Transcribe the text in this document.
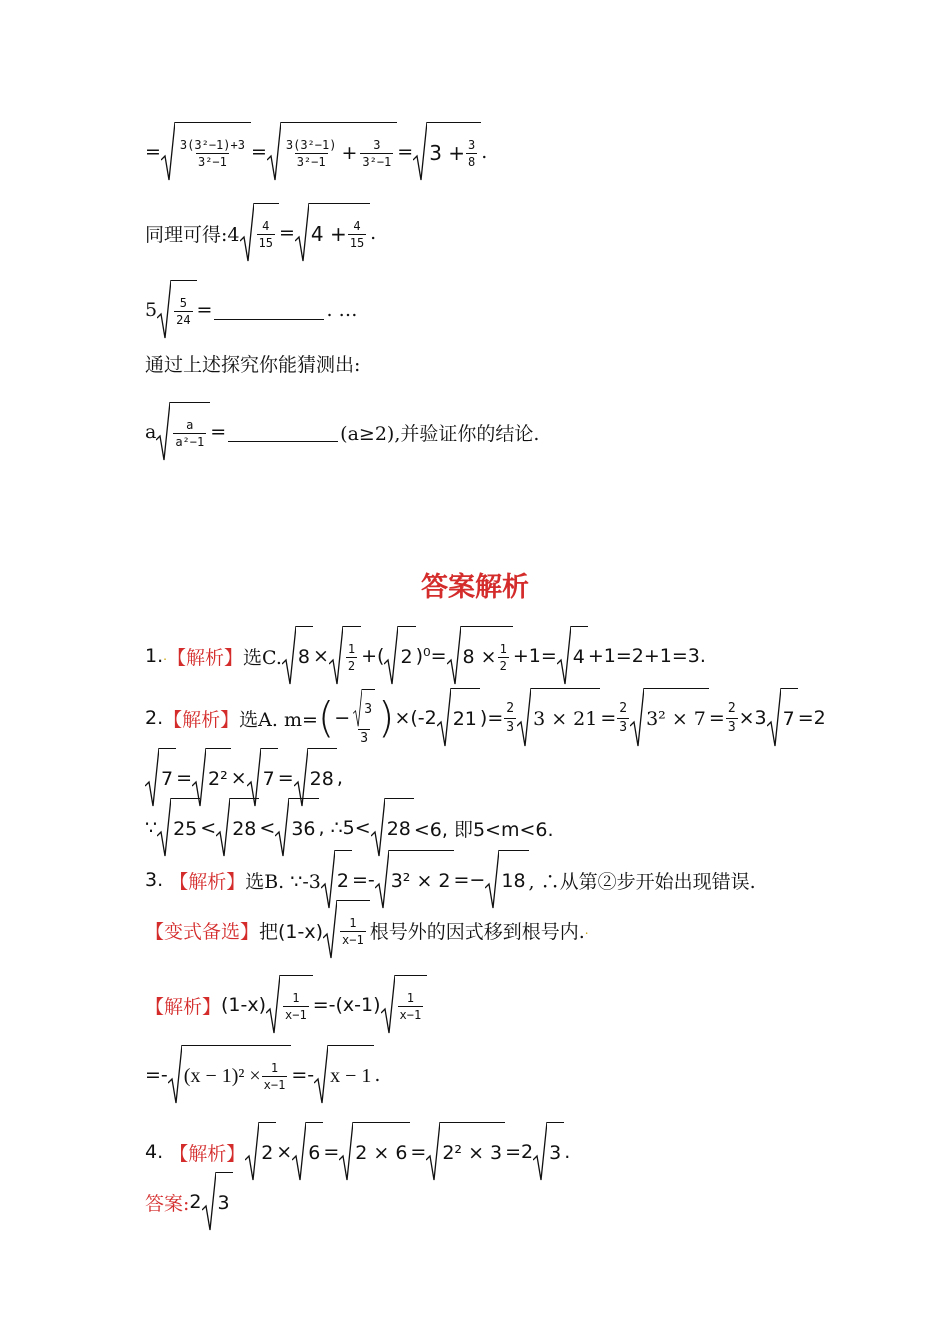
= $\frac{\text{3(3²−1)+3}}{\text{3²−1}} = \frac{\text{3(3²−1)}}{\text{3²−1}} + \frac{3}{\text{3²−1}} = 3 + \frac{3}{8}$ .
同理可得:4 $\frac{4}{15} = 4 + \frac{4}{15}$ .
$5 \frac{5}{24}$ =	. …
通过上述探究你能猜测出:
a $\frac{a}{\text{a²−1}}$ =	(a≥2),并验证你的结论.
答案解析
1. . 【解析】 选C. $8 \times \frac{1}{2}$ +( 2 )$^0= 8 \times \frac{1}{2} +1= 4 +1=2+1=3$.
2. 【解析】 选A. m= ( − $\frac{3}{3}$ ) ×(-2 21 )= $\frac{2}{3} 3 \times 21 = \frac{2}{3} 3^2 \times 7 = \frac{2}{3} \times 3$ 7 =2
7 = 2² × 7 = 28 ,
∵ 25 < 28 < 36 , ∴5< 28 <6, 即5<m<6.
3.
【解析】 选B. ∵-3 2 =- 3² × 2 =− 18 , ∴从第②步开始出现错误.
【变式备选】 把$(1-x) \frac{1}{x-1}$ 根号外的因式移到根号内. .
【解析】 $(1-x) \frac{1}{x-1} =-(x-1) \frac{1}{x-1}$
=- $(x - 1)^2 \times \frac{1}{x-1} =- x - 1$ .
4.
【解析】 2 × 6 = 2 × 6 = 2² × 3 =2 3 .
答案: 2 3
